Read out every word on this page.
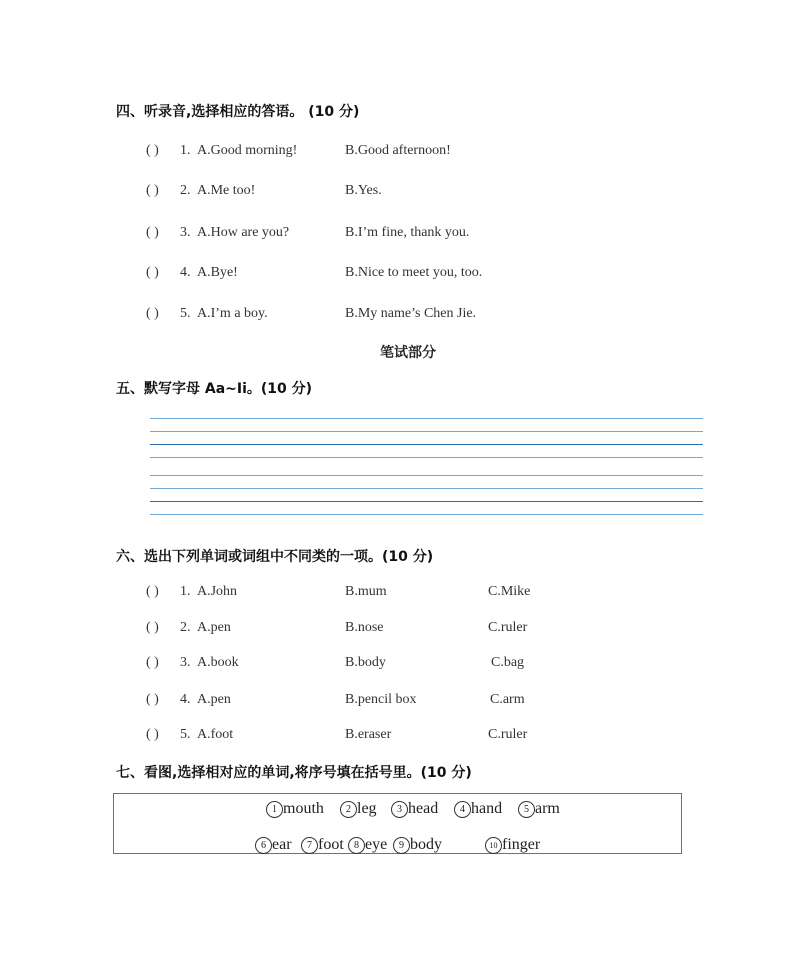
四、听录音,选择相应的答语。 (10 分)
( ) 1. A.Good morning!	B.Good afternoon!
( ) 2. A.Me too!	B.Yes.
( ) 3. A.How are you?	B.I’m fine, thank you.
( ) 4. A.Bye!	B.Nice to meet you, too.
( ) 5. A.I’m a boy.	B.My name’s Chen Jie.
笔试部分
五、默写字母 Aa~Ii。(10 分)
六、选出下列单词或词组中不同类的一项。(10 分)
( ) 1. A.John	B.mum	C.Mike
( ) 2. A.pen	B.nose	C.ruler
( ) 3. A.book	B.body	C.bag
( ) 4. A.pen	B.pencil box	C.arm
( ) 5. A.foot	B.eraser	C.ruler
七、看图,选择相对应的单词,将序号填在括号里。(10 分)
1 mouth	2 leg	3 head	4 hand	5 arm
6 ear	7 foot	8 eye	9 body	10 finger
